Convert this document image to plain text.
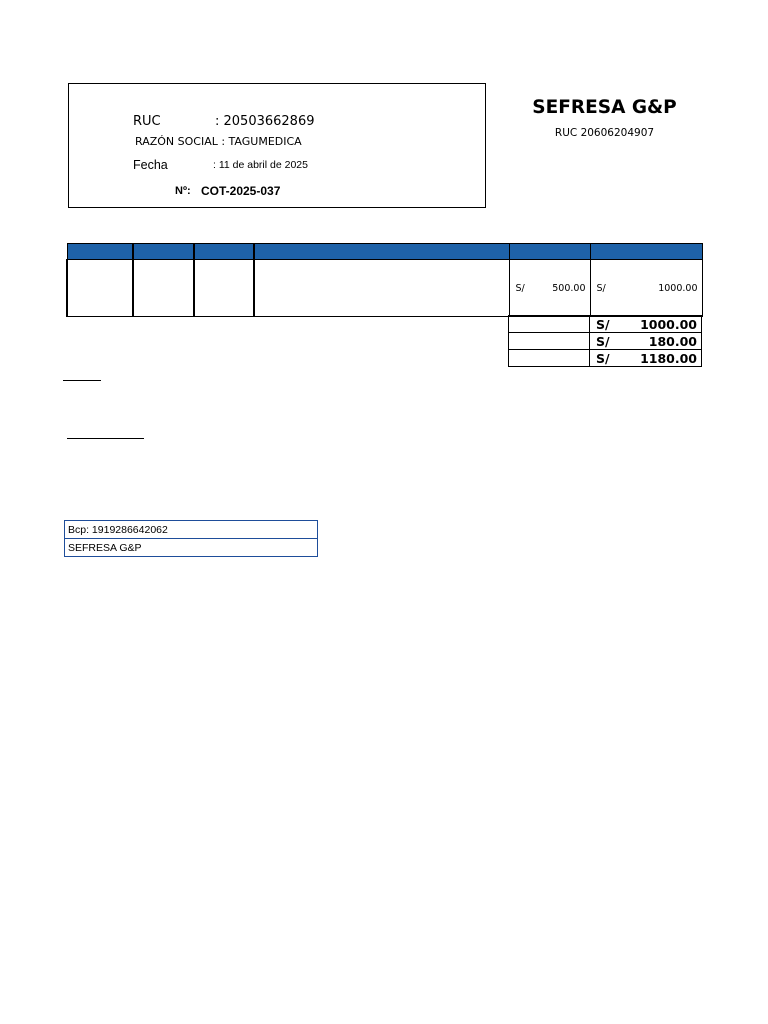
RUC	: 20503662869
RAZÓN SOCIAL : TAGUMEDICA
Fecha	: 11 de abril de 2025
Nº: COT-2025-037
SEFRESA G&P
RUC 20606204907

				S/ 500.00	S/ 1000.00

	S/ 1000.00

	S/ 180.00

	S/ 1180.00
Bcp: 1919286642062
SEFRESA G&P
